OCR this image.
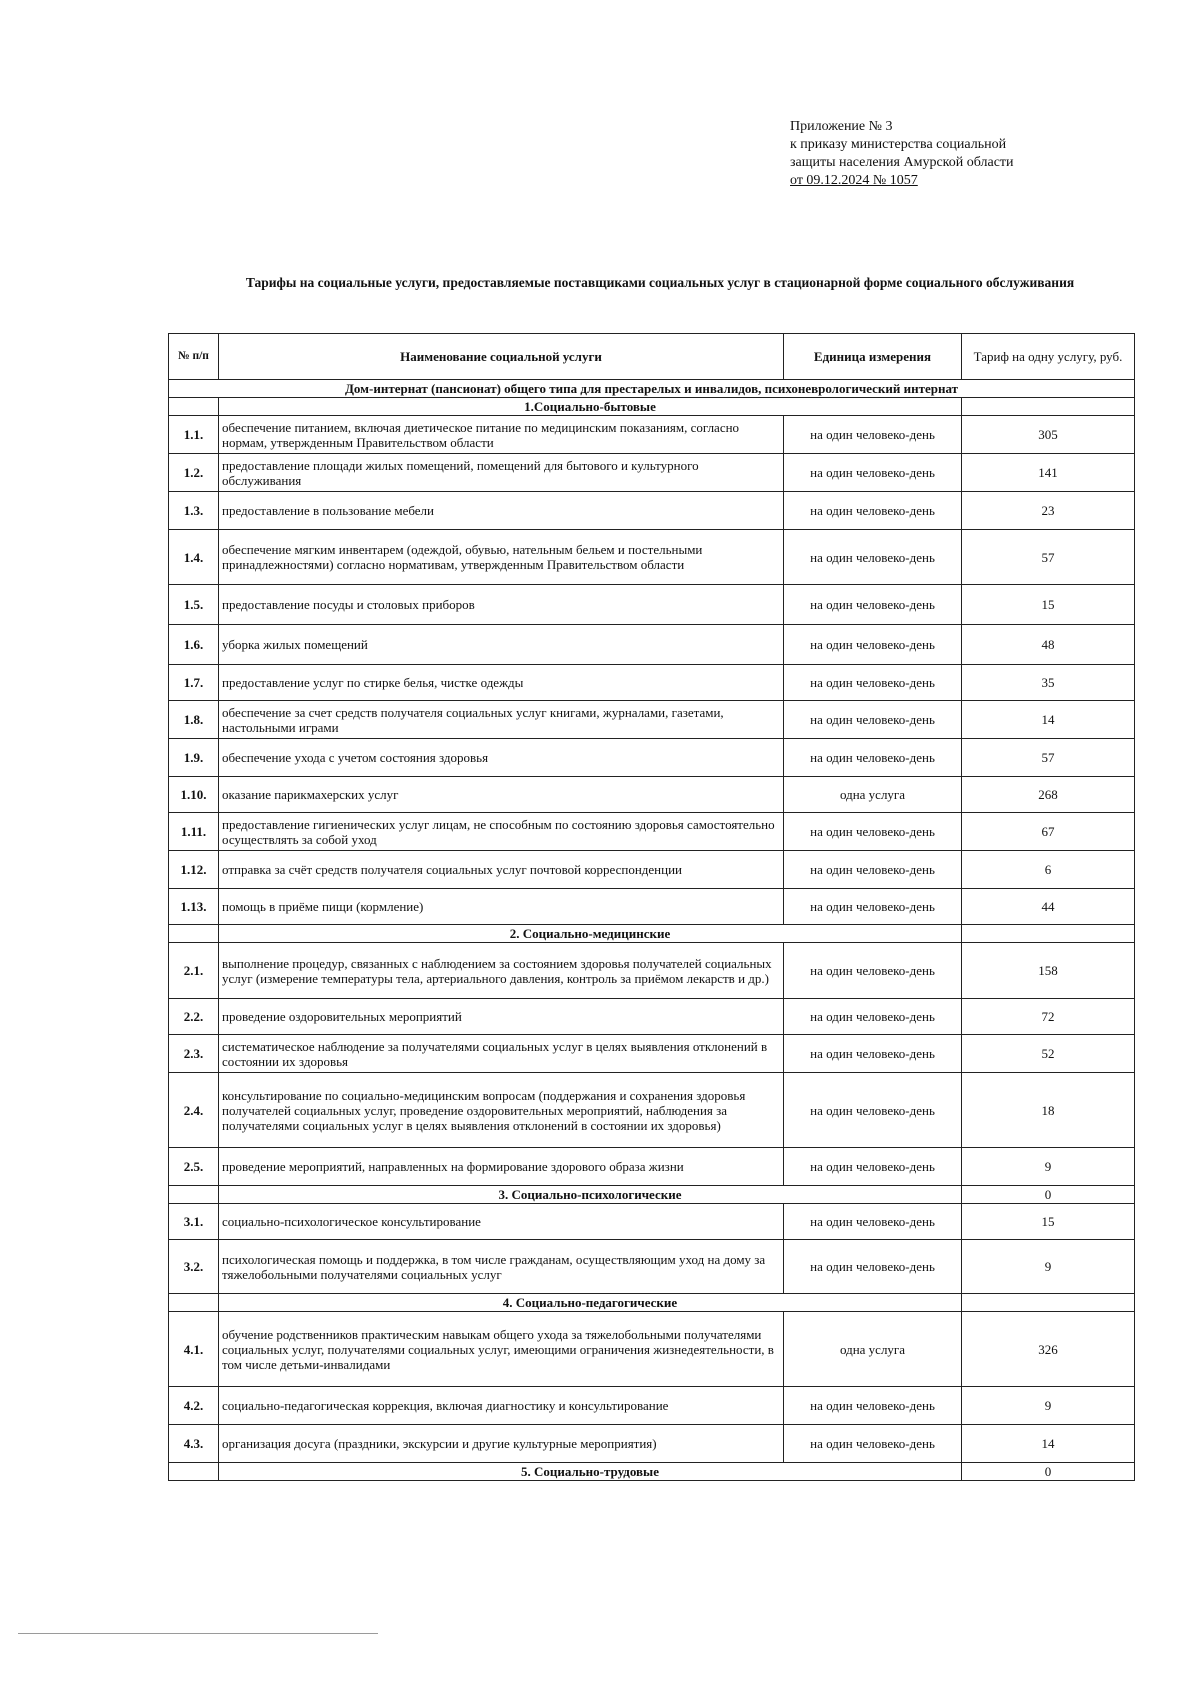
Приложение № 3
к приказу министерства социальной
защиты населения Амурской области
от 09.12.2024 № 1057
Тарифы на социальные услуги, предоставляемые поставщиками социальных услуг в стационарной форме социального обслуживания
№ п/п	Наименование социальной услуги	Единица измерения	Тариф на одну услугу, руб.
Дом-интернат (пансионат) общего типа для престарелых и инвалидов, психоневрологический интернат			
	1.Социально-бытовые		
1.1.	обеспечение питанием, включая диетическое питание по медицинским показаниям, согласно нормам, утвержденным Правительством области	на один человеко-день	305
1.2.	предоставление площади жилых помещений, помещений для бытового и культурного обслуживания	на один человеко-день	141
1.3.	предоставление в пользование мебели	на один человеко-день	23
1.4.	обеспечение мягким инвентарем (одеждой, обувью, нательным бельем и постельными принадлежностями) согласно нормативам, утвержденным Правительством области	на один человеко-день	57
1.5.	предоставление посуды и столовых приборов	на один человеко-день	15
1.6.	уборка жилых помещений	на один человеко-день	48
1.7.	предоставление услуг по стирке белья, чистке одежды	на один человеко-день	35
1.8.	обеспечение за счет средств получателя социальных услуг книгами, журналами, газетами, настольными играми	на один человеко-день	14
1.9.	обеспечение ухода с учетом состояния здоровья	на один человеко-день	57
1.10.	оказание парикмахерских услуг	одна услуга	268
1.11.	предоставление гигиенических услуг лицам, не способным по состоянию здоровья самостоятельно осуществлять за собой уход	на один человеко-день	67
1.12.	отправка за счёт средств получателя социальных услуг почтовой корреспонденции	на один человеко-день	6
1.13.	помощь в приёме пищи (кормление)	на один человеко-день	44
	2. Социально-медицинские		
2.1.	выполнение процедур, связанных с наблюдением за состоянием здоровья получателей социальных услуг (измерение температуры тела, артериального давления, контроль за приёмом лекарств и др.)	на один человеко-день	158
2.2.	проведение оздоровительных мероприятий	на один человеко-день	72
2.3.	систематическое наблюдение за получателями социальных услуг в целях выявления отклонений в состоянии их здоровья	на один человеко-день	52
2.4.	консультирование по социально-медицинским вопросам (поддержания и сохранения здоровья получателей социальных услуг, проведение оздоровительных мероприятий, наблюдения за получателями социальных услуг в целях выявления отклонений в состоянии их здоровья)	на один человеко-день	18
2.5.	проведение мероприятий, направленных на формирование здорового образа жизни	на один человеко-день	9
	3. Социально-психологические		0
3.1.	социально-психологическое консультирование	на один человеко-день	15
3.2.	психологическая помощь и поддержка, в том числе гражданам, осуществляющим уход на дому за тяжелобольными получателями социальных услуг	на один человеко-день	9
	4. Социально-педагогические		
4.1.	обучение родственников практическим навыкам общего ухода за тяжелобольными получателями социальных услуг, получателями социальных услуг, имеющими ограничения жизнедеятельности, в том числе детьми-инвалидами	одна услуга	326
4.2.	социально-педагогическая коррекция, включая диагностику и консультирование	на один человеко-день	9
4.3.	организация досуга (праздники, экскурсии и другие культурные мероприятия)	на один человеко-день	14
	5. Социально-трудовые		0
